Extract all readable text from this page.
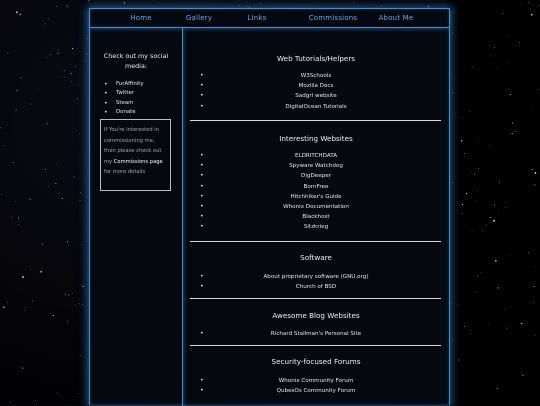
Home	Gallery	Links	Commissions	About Me
Check out my social media:
• FurAffinity
• Twitter
• Steam
• Donate
If You're interested in commissioning me, then please check out my Commissions page for more details
Web Tutorials/Helpers
•	W3Schools
•	Mozilla Docs
•	Sadgrl website
•	DigitalOcean Tutorials
Interesting Websites
•	ELDRITCHDATA
•	Spyware Watchdog
•	DigDeeper
•	BornFree
•	Hitchhiker's Guide
•	Whonix Documentation
•	Blackhost
•	Sitzkrieg
Software
•	About proprietary software (GNU.org)
•	Church of BSD
Awesome Blog Websites
•	Richard Stallman's Personal Site
Security-focused Forums
•	Whonix Community Forum
•	QubesOs Community Forum
